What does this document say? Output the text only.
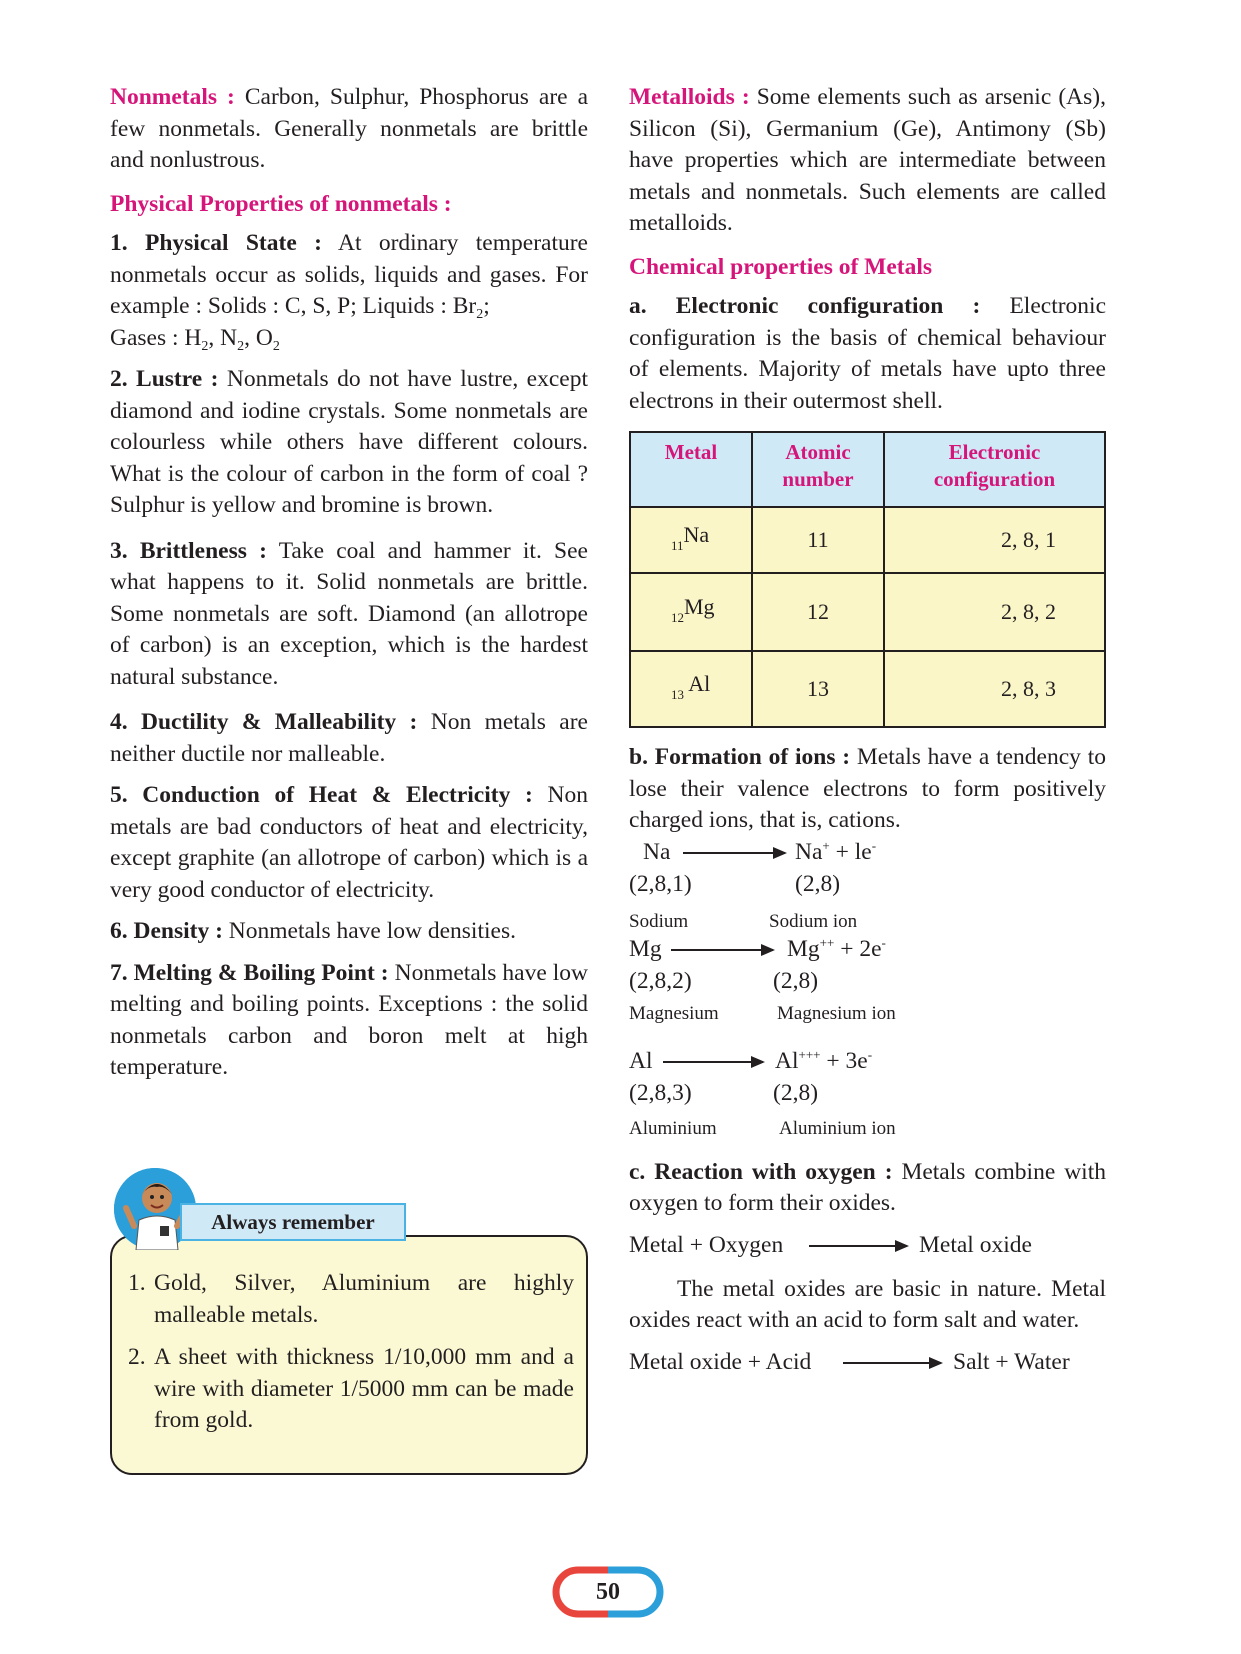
Nonmetals : Carbon, Sulphur, Phosphorus are a few nonmetals. Generally nonmetals are brittle and nonlustrous.

Physical Properties of nonmetals :

1. Physical State : At ordinary temperature nonmetals occur as solids, liquids and gases. For example : Solids : C, S, P; Liquids : $Br_2$;
Gases : $H_2$, $N_2$, $O_2$

2. Lustre : Nonmetals do not have lustre, except diamond and iodine crystals. Some nonmetals are colourless while others have different colours. What is the colour of carbon in the form of coal ? Sulphur is yellow and bromine is brown.

3. Brittleness : Take coal and hammer it. See what happens to it. Solid nonmetals are brittle. Some nonmetals are soft. Diamond (an allotrope of carbon) is an exception, which is the hardest natural substance.

4. Ductility & Malleability : Non metals are neither ductile nor malleable.

5. Conduction of Heat & Electricity : Non metals are bad conductors of heat and electricity, except graphite (an allotrope of carbon) which is a very good conductor of electricity.

6. Density : Nonmetals have low densities.

7. Melting & Boiling Point : Nonmetals have low melting and boiling points. Exceptions : the solid nonmetals carbon and boron melt at high temperature.

Always remember
1. Gold, Silver, Aluminium are highly malleable metals.
2. A sheet with thickness 1/10,000 mm and a wire with diameter 1/5000 mm can be made from gold.

Metalloids : Some elements such as arsenic (As), Silicon (Si), Germanium (Ge), Antimony (Sb) have properties which are intermediate between metals and nonmetals. Such elements are called metalloids.

Chemical properties of Metals

a. Electronic configuration : Electronic configuration is the basis of chemical behaviour of elements. Majority of metals have upto three electrons in their outermost shell.

Metal	Atomic number	Electronic configuration
$_{11}$Na	11	2, 8, 1
$_{12}$Mg	12	2, 8, 2
$_{13}$ Al	13	2, 8, 3

b. Formation of ions : Metals have a tendency to lose their valence electrons to form positively charged ions, that is, cations.

Na	Na+ + le-
(2,8,1)	(2,8)
Sodium	Sodium ion
Mg	Mg++ + 2e-
(2,8,2)	(2,8)
Magnesium	Magnesium ion
Al	Al+++ + 3e-
(2,8,3)	(2,8)
Aluminium	Aluminium ion

c. Reaction with oxygen : Metals combine with oxygen to form their oxides.

Metal + Oxygen	Metal oxide

The metal oxides are basic in nature. Metal oxides react with an acid to form salt and water.

Metal oxide + Acid	Salt + Water
50
